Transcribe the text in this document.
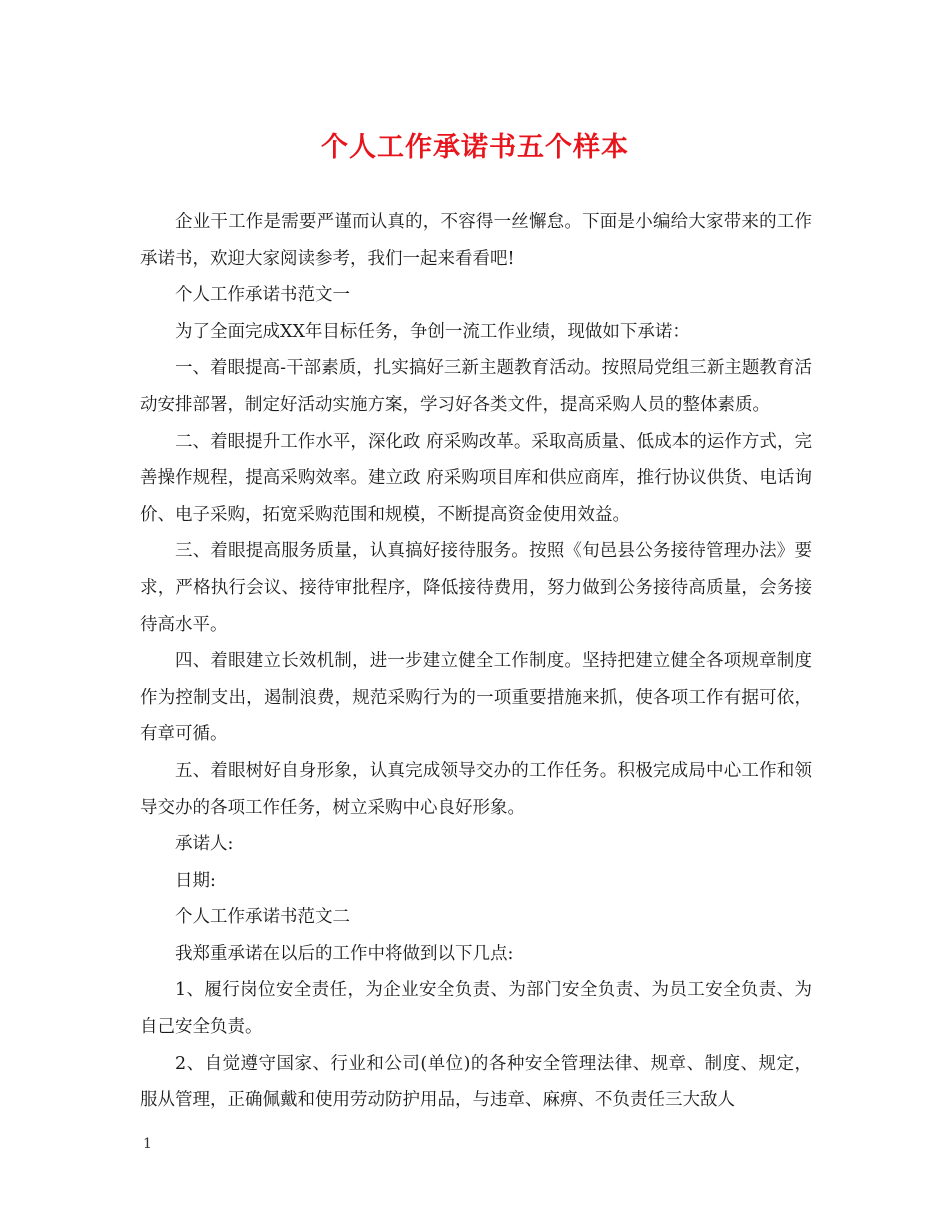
个人工作承诺书五个样本

企业干工作是需要严谨而认真的，不容得一丝懈怠。下面是小编给大家带来的工作承诺书，欢迎大家阅读参考，我们一起来看看吧!

个人工作承诺书范文一

为了全面完成XX年目标任务，争创一流工作业绩，现做如下承诺：

一、着眼提高-干部素质，扎实搞好三新主题教育活动。按照局党组三新主题教育活动安排部署，制定好活动实施方案，学习好各类文件，提高采购人员的整体素质。

二、着眼提升工作水平，深化政 府采购改革。采取高质量、低成本的运作方式，完善操作规程，提高采购效率。建立政 府采购项目库和供应商库，推行协议供货、电话询价、电子采购，拓宽采购范围和规模，不断提高资金使用效益。

三、着眼提高服务质量，认真搞好接待服务。按照《旬邑县公务接待管理办法》要求，严格执行会议、接待审批程序，降低接待费用，努力做到公务接待高质量，会务接待高水平。

四、着眼建立长效机制，进一步建立健全工作制度。坚持把建立健全各项规章制度作为控制支出，遏制浪费，规范采购行为的一项重要措施来抓，使各项工作有据可依，有章可循。

五、着眼树好自身形象，认真完成领导交办的工作任务。积极完成局中心工作和领导交办的各项工作任务，树立采购中心良好形象。

承诺人:

日期:

个人工作承诺书范文二

我郑重承诺在以后的工作中将做到以下几点:

1、履行岗位安全责任，为企业安全负责、为部门安全负责、为员工安全负责、为自己安全负责。

2、自觉遵守国家、行业和公司(单位)的各种安全管理法律、规章、制度、规定，服从管理，正确佩戴和使用劳动防护用品，与违章、麻痹、不负责任三大敌人

1
